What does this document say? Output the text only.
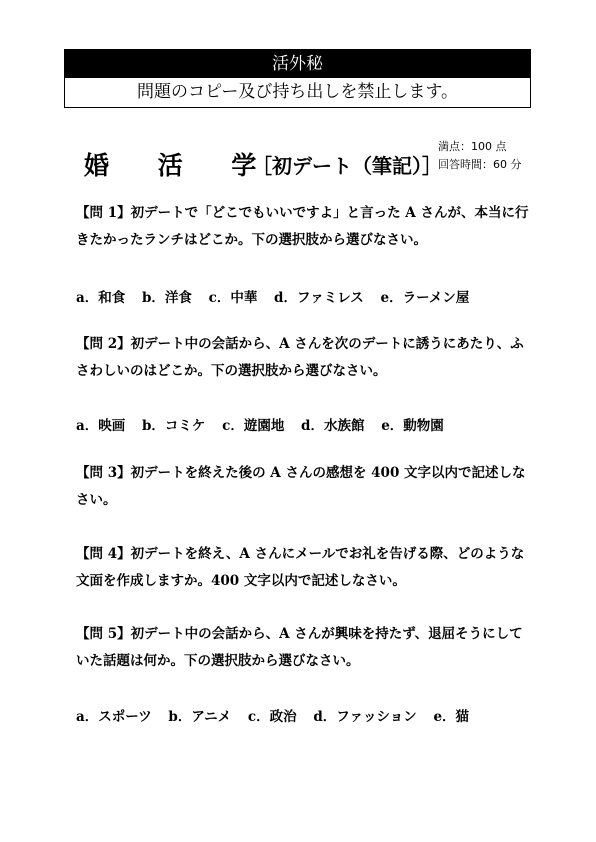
活外秘
問題のコピー及び持ち出しを禁止します。
婚 活 学
［初デート（筆記）］
満点：100 点
回答時間：60 分
【問 1】初デートで「どこでもいいですよ」と言った A さんが、本当に行きたかったランチはどこか。下の選択肢から選びなさい。
a．和食 b．洋食 c．中華 d．ファミレス e．ラーメン屋
【問 2】初デート中の会話から、A さんを次のデートに誘うにあたり、ふさわしいのはどこか。下の選択肢から選びなさい。
a．映画 b．コミケ c．遊園地 d．水族館 e．動物園
【問 3】初デートを終えた後の A さんの感想を 400 文字以内で記述しなさい。
【問 4】初デートを終え、A さんにメールでお礼を告げる際、どのような文面を作成しますか。400 文字以内で記述しなさい。
【問 5】初デート中の会話から、A さんが興味を持たず、退屈そうにしていた話題は何か。下の選択肢から選びなさい。
a．スポーツ b．アニメ c．政治 d．ファッション e．猫
